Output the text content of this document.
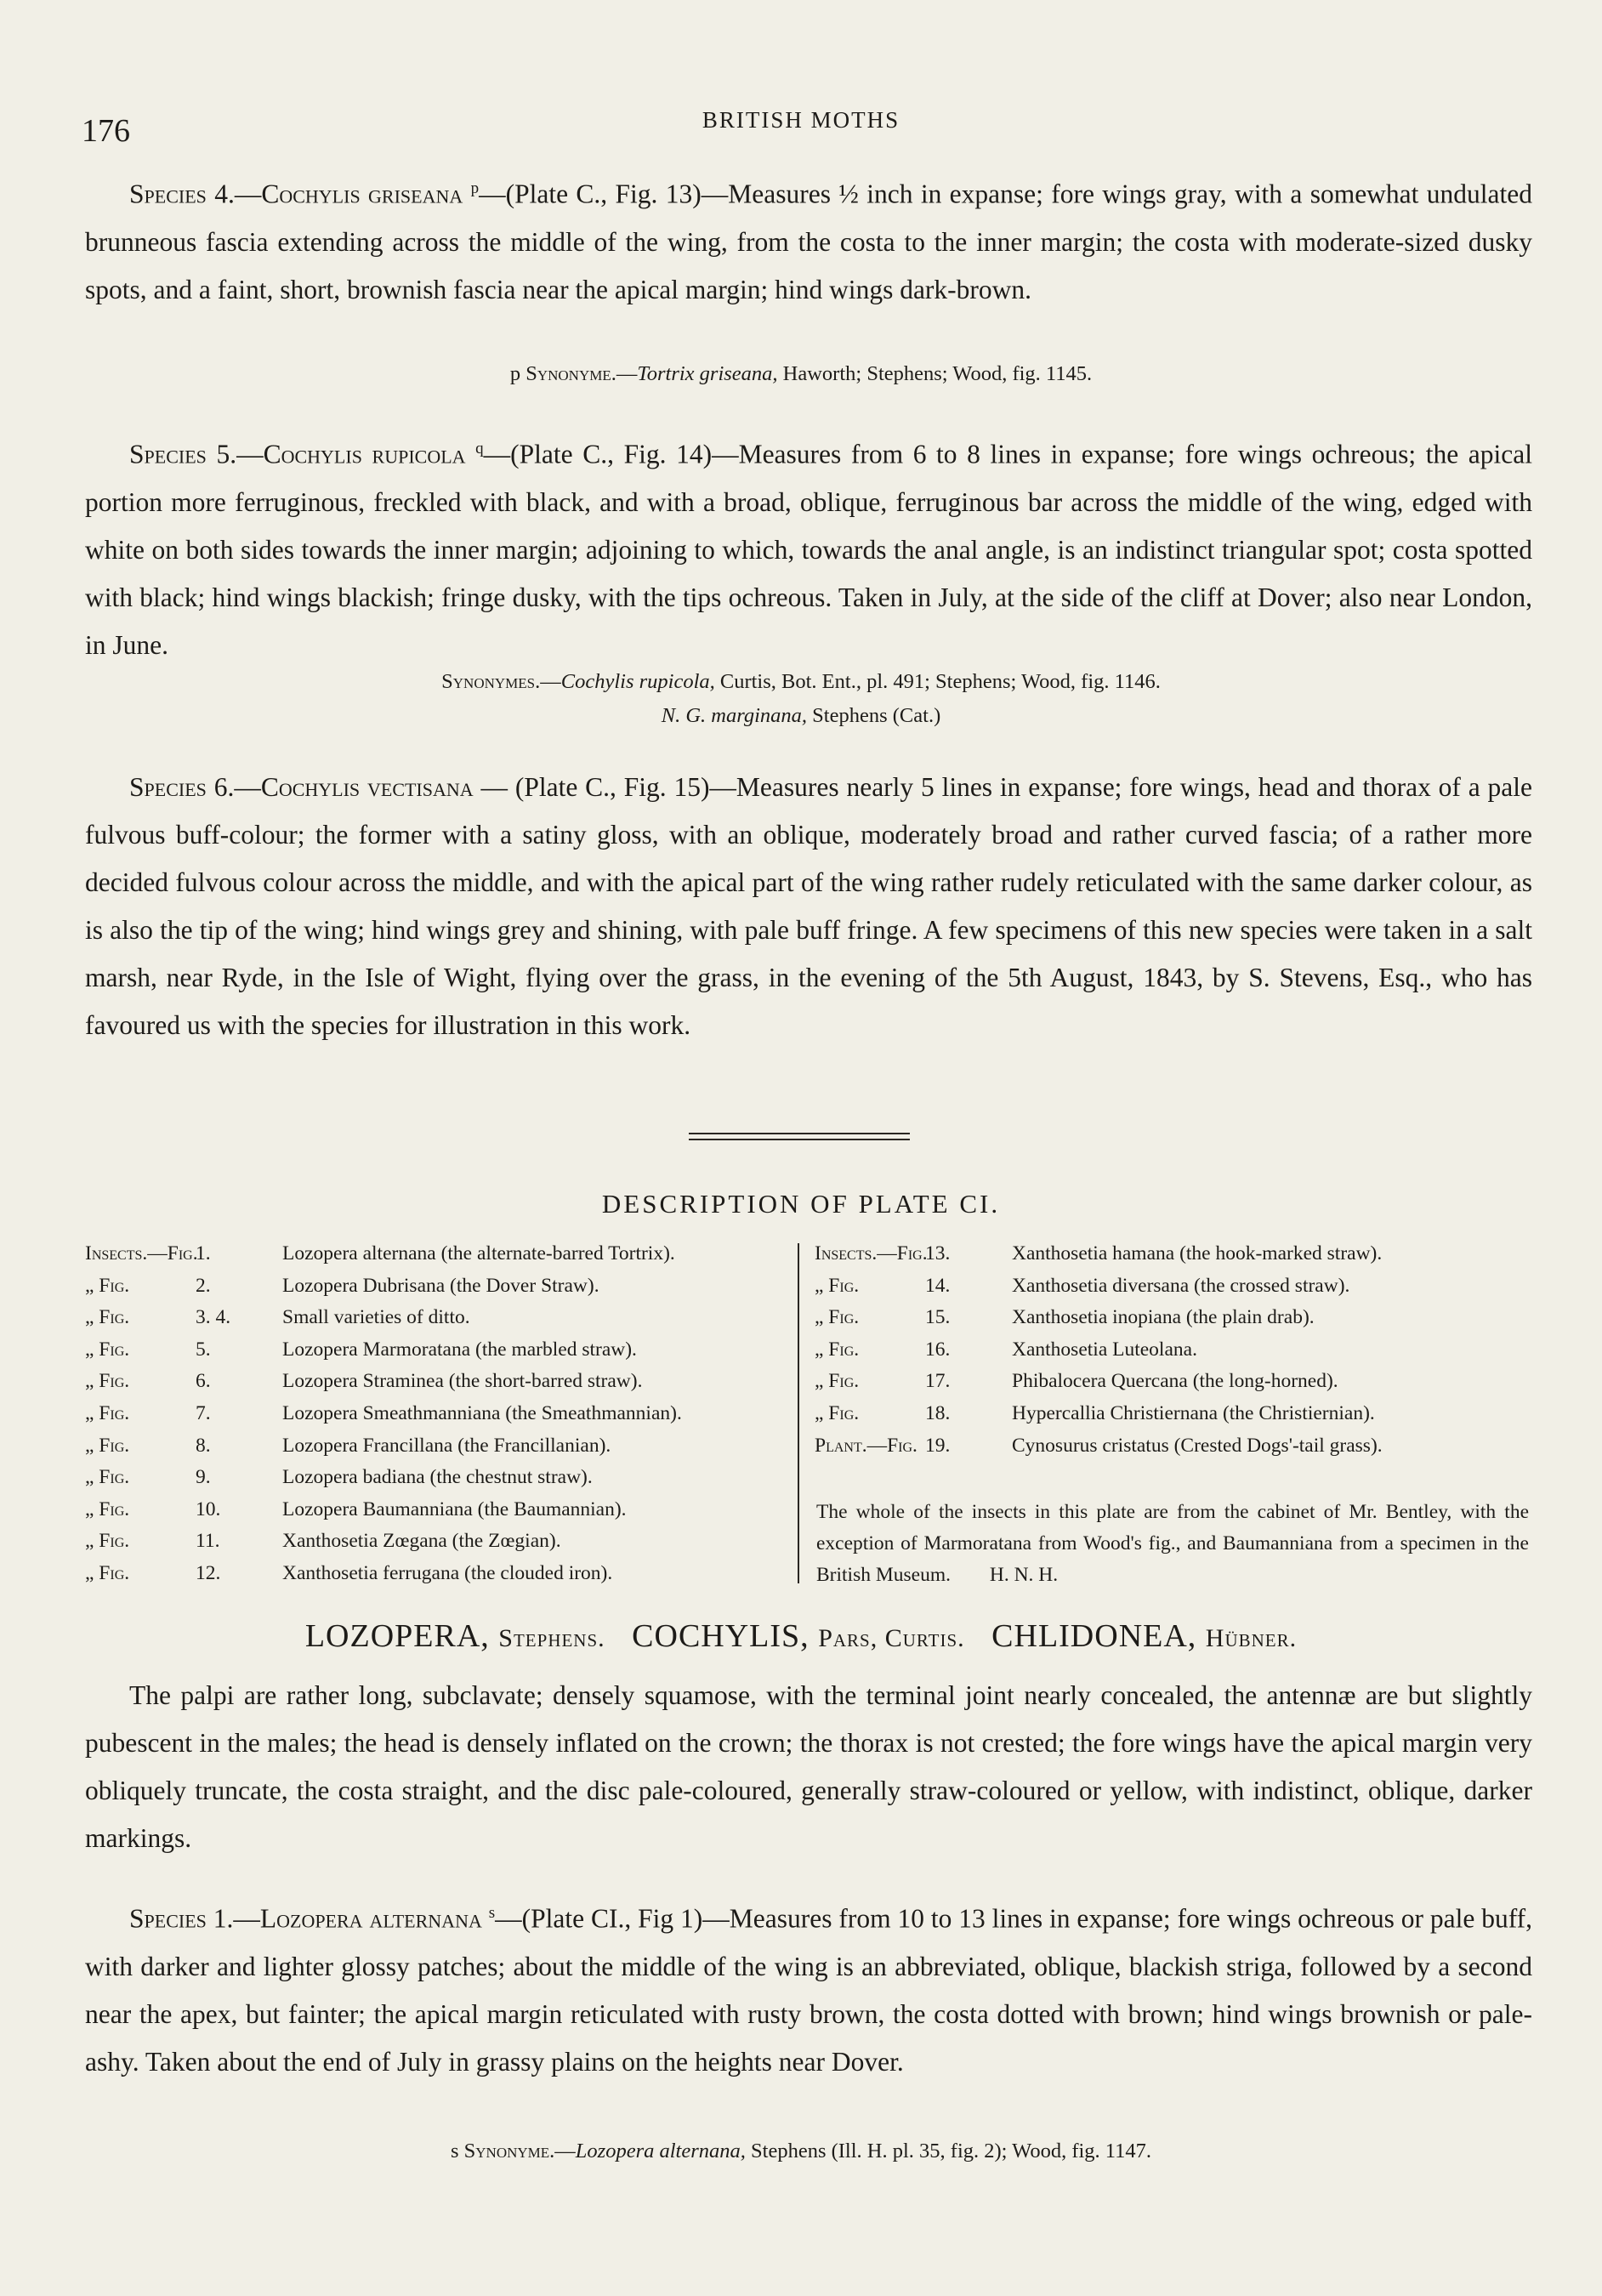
176	BRITISH MOTHS

Species 4.—Cochylis griseana $^p$—(Plate C., Fig. 13)—Measures ½ inch in expanse; fore wings gray, with a somewhat undulated brunneous fascia extending across the middle of the wing, from the costa to the inner margin; the costa with moderate-sized dusky spots, and a faint, short, brownish fascia near the apical margin; hind wings dark-brown.

p Synonyme.—Tortrix griseana, Haworth; Stephens; Wood, fig. 1145.

Species 5.—Cochylis rupicola $^q$—(Plate C., Fig. 14)—Measures from 6 to 8 lines in expanse; fore wings ochreous; the apical portion more ferruginous, freckled with black, and with a broad, oblique, ferruginous bar across the middle of the wing, edged with white on both sides towards the inner margin; adjoining to which, towards the anal angle, is an indistinct triangular spot; costa spotted with black; hind wings blackish; fringe dusky, with the tips ochreous. Taken in July, at the side of the cliff at Dover; also near London, in June.

Synonymes.—Cochylis rupicola, Curtis, Bot. Ent., pl. 491; Stephens; Wood, fig. 1146.
N. G. marginana, Stephens (Cat.)

Species 6.—Cochylis vectisana — (Plate C., Fig. 15)—Measures nearly 5 lines in expanse; fore wings, head and thorax of a pale fulvous buff-colour; the former with a satiny gloss, with an oblique, moderately broad and rather curved fascia; of a rather more decided fulvous colour across the middle, and with the apical part of the wing rather rudely reticulated with the same darker colour, as is also the tip of the wing; hind wings grey and shining, with pale buff fringe. A few specimens of this new species were taken in a salt marsh, near Ryde, in the Isle of Wight, flying over the grass, in the evening of the 5th August, 1843, by S. Stevens, Esq., who has favoured us with the species for illustration in this work.

DESCRIPTION OF PLATE CI.
Insects.—Fig.1.	Lozopera alternana (the alternate-barred Tortrix).
„ Fig.	2.	Lozopera Dubrisana (the Dover Straw).
„ Fig.	3. 4.	Small varieties of ditto.
„ Fig.	5.	Lozopera Marmoratana (the marbled straw).
„ Fig.	6.	Lozopera Straminea (the short-barred straw).
„ Fig.	7.	Lozopera Smeathmanniana (the Smeathmannian).
„ Fig.	8.	Lozopera Francillana (the Francillanian).
„ Fig.	9.	Lozopera badiana (the chestnut straw).
„ Fig.	10.	Lozopera Baumanniana (the Baumannian).
„ Fig.	11.	Xanthosetia Zœgana (the Zœgian).
„ Fig.	12.	Xanthosetia ferrugana (the clouded iron).
Insects.—Fig.13.	Xanthosetia hamana (the hook-marked straw).
„ Fig.	14.	Xanthosetia diversana (the crossed straw).
„ Fig.	15.	Xanthosetia inopiana (the plain drab).
„ Fig.	16.	Xanthosetia Luteolana.
„ Fig.	17.	Phibalocera Quercana (the long-horned).
„ Fig.	18.	Hypercallia Christiernana (the Christiernian).
Plant.—Fig. 19.	Cynosurus cristatus (Crested Dogs'-tail grass).
The whole of the insects in this plate are from the cabinet of Mr. Bentley, with the exception of Marmoratana from Wood's fig., and Baumanniana from a specimen in the British Museum. H. N. H.
LOZOPERA, Stephens. COCHYLIS, Pars, Curtis. CHLIDONEA, Hübner.

The palpi are rather long, subclavate; densely squamose, with the terminal joint nearly concealed, the antennæ are but slightly pubescent in the males; the head is densely inflated on the crown; the thorax is not crested; the fore wings have the apical margin very obliquely truncate, the costa straight, and the disc pale-coloured, generally straw-coloured or yellow, with indistinct, oblique, darker markings.

Species 1.—Lozopera alternana $^s$—(Plate CI., Fig 1)—Measures from 10 to 13 lines in expanse; fore wings ochreous or pale buff, with darker and lighter glossy patches; about the middle of the wing is an abbreviated, oblique, blackish striga, followed by a second near the apex, but fainter; the apical margin reticulated with rusty brown, the costa dotted with brown; hind wings brownish or pale-ashy. Taken about the end of July in grassy plains on the heights near Dover.

s Synonyme.—Lozopera alternana, Stephens (Ill. H. pl. 35, fig. 2); Wood, fig. 1147.
